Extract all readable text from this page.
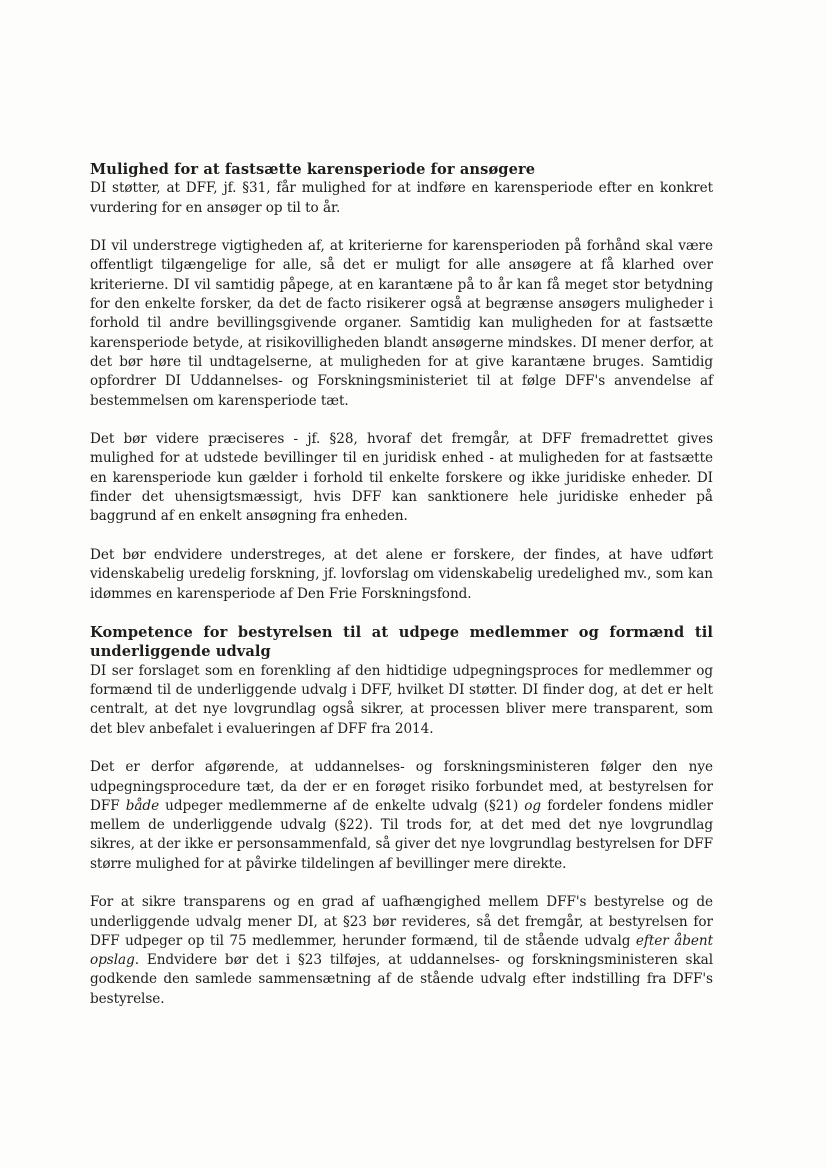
Mulighed for at fastsætte karensperiode for ansøgere

DI støtter, at DFF, jf. §31, får mulighed for at indføre en karensperiode efter en konkret vurdering for en ansøger op til to år.

DI vil understrege vigtigheden af, at kriterierne for karensperioden på forhånd skal være offentligt tilgængelige for alle, så det er muligt for alle ansøgere at få klarhed over kriterierne. DI vil samtidig påpege, at en karantæne på to år kan få meget stor betydning for den enkelte forsker, da det de facto risikerer også at begrænse ansøgers muligheder i forhold til andre bevillingsgivende organer. Samtidig kan muligheden for at fastsætte karensperiode betyde, at risikovilligheden blandt ansøgerne mindskes. DI mener derfor, at det bør høre til undtagelserne, at muligheden for at give karantæne bruges. Samtidig opfordrer DI Uddannelses- og Forskningsministeriet til at følge DFF's anvendelse af bestemmelsen om karensperiode tæt.

Det bør videre præciseres - jf. §28, hvoraf det fremgår, at DFF fremadrettet gives mulighed for at udstede bevillinger til en juridisk enhed - at muligheden for at fastsætte en karensperiode kun gælder i forhold til enkelte forskere og ikke juridiske enheder. DI finder det uhensigtsmæssigt, hvis DFF kan sanktionere hele juridiske enheder på baggrund af en enkelt ansøgning fra enheden.

Det bør endvidere understreges, at det alene er forskere, der findes, at have udført videnskabelig uredelig forskning, jf. lovforslag om videnskabelig uredelighed mv., som kan idømmes en karensperiode af Den Frie Forskningsfond.

Kompetence for bestyrelsen til at udpege medlemmer og formænd til underliggende udvalg

DI ser forslaget som en forenkling af den hidtidige udpegningsproces for medlemmer og formænd til de underliggende udvalg i DFF, hvilket DI støtter. DI finder dog, at det er helt centralt, at det nye lovgrundlag også sikrer, at processen bliver mere transparent, som det blev anbefalet i evalueringen af DFF fra 2014.

Det er derfor afgørende, at uddannelses- og forskningsministeren følger den nye udpegningsprocedure tæt, da der er en forøget risiko forbundet med, at bestyrelsen for DFF både udpeger medlemmerne af de enkelte udvalg (§21) og fordeler fondens midler mellem de underliggende udvalg (§22). Til trods for, at det med det nye lovgrundlag sikres, at der ikke er personsammenfald, så giver det nye lovgrundlag bestyrelsen for DFF større mulighed for at påvirke tildelingen af bevillinger mere direkte.

For at sikre transparens og en grad af uafhængighed mellem DFF's bestyrelse og de underliggende udvalg mener DI, at §23 bør revideres, så det fremgår, at bestyrelsen for DFF udpeger op til 75 medlemmer, herunder formænd, til de stående udvalg efter åbent opslag. Endvidere bør det i §23 tilføjes, at uddannelses- og forskningsministeren skal godkende den samlede sammensætning af de stående udvalg efter indstilling fra DFF's bestyrelse.
